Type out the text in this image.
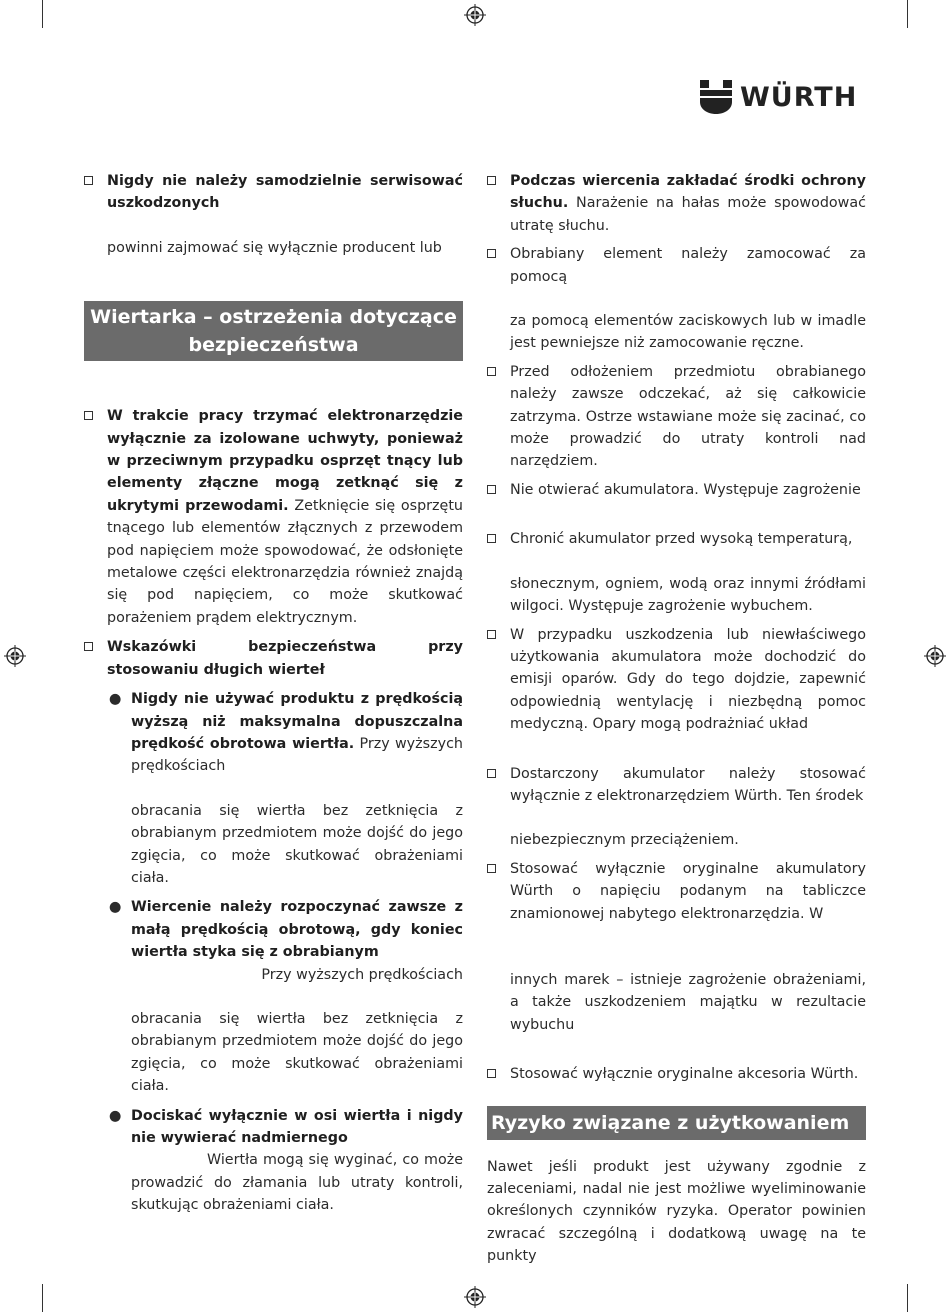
WÜRTH
Nigdy nie należy samodzielnie serwisować uszkodzonych
powinni zajmować się wyłącznie producent lub
Wiertarka – ostrzeżenia dotyczące bezpieczeństwa
W trakcie pracy trzymać elektronarzędzie wyłącznie za izolowane uchwyty, ponieważ w przeciwnym przypadku osprzęt tnący lub elementy złączne mogą zetknąć się z ukrytymi przewodami. Zetknięcie się osprzętu tnącego lub elementów złącznych z przewodem pod napięciem może spowodować, że odsłonięte metalowe części elektronarzędzia również znajdą się pod napięciem, co może skutkować porażeniem prądem elektrycznym.
Wskazówki bezpieczeństwa przy stosowaniu długich wierteł
● Nigdy nie używać produktu z prędkością wyższą niż maksymalna dopuszczalna prędkość obrotowa wiertła. Przy wyższych prędkościach
obracania się wiertła bez zetknięcia z obrabianym przedmiotem może dojść do jego zgięcia, co może skutkować obrażeniami ciała.
● Wiercenie należy rozpoczynać zawsze z małą prędkością obrotową, gdy koniec wiertła styka się z obrabianym
Przy wyższych prędkościach
obracania się wiertła bez zetknięcia z obrabianym przedmiotem może dojść do jego zgięcia, co może skutkować obrażeniami ciała.
● Dociskać wyłącznie w osi wiertła i nigdy nie wywierać nadmiernego
Wiertła mogą się wyginać, co może prowadzić do złamania lub utraty kontroli, skutkując obrażeniami ciała.
Podczas wiercenia zakładać środki ochrony słuchu. Narażenie na hałas może spowodować utratę słuchu.
Obrabiany element należy zamocować za pomocą
za pomocą elementów zaciskowych lub w imadle jest pewniejsze niż zamocowanie ręczne.
Przed odłożeniem przedmiotu obrabianego należy zawsze odczekać, aż się całkowicie zatrzyma. Ostrze wstawiane może się zacinać, co może prowadzić do utraty kontroli nad narzędziem.
Nie otwierać akumulatora. Występuje zagrożenie
Chronić akumulator przed wysoką temperaturą,
słonecznym, ogniem, wodą oraz innymi źródłami wilgoci. Występuje zagrożenie wybuchem.
W przypadku uszkodzenia lub niewłaściwego użytkowania akumulatora może dochodzić do emisji oparów. Gdy do tego dojdzie, zapewnić odpowiednią wentylację i niezbędną pomoc medyczną. Opary mogą podrażniać układ
Dostarczony akumulator należy stosować wyłącznie z elektronarzędziem Würth. Ten środek
niebezpiecznym przeciążeniem.
Stosować wyłącznie oryginalne akumulatory Würth o napięciu podanym na tabliczce znamionowej nabytego elektronarzędzia. W
innych marek – istnieje zagrożenie obrażeniami, a także uszkodzeniem majątku w rezultacie wybuchu
Stosować wyłącznie oryginalne akcesoria Würth.
Ryzyko związane z użytkowaniem
Nawet jeśli produkt jest używany zgodnie z zaleceniami, nadal nie jest możliwe wyeliminowanie określonych czynników ryzyka. Operator powinien zwracać szczególną i dodatkową uwagę na te punkty
